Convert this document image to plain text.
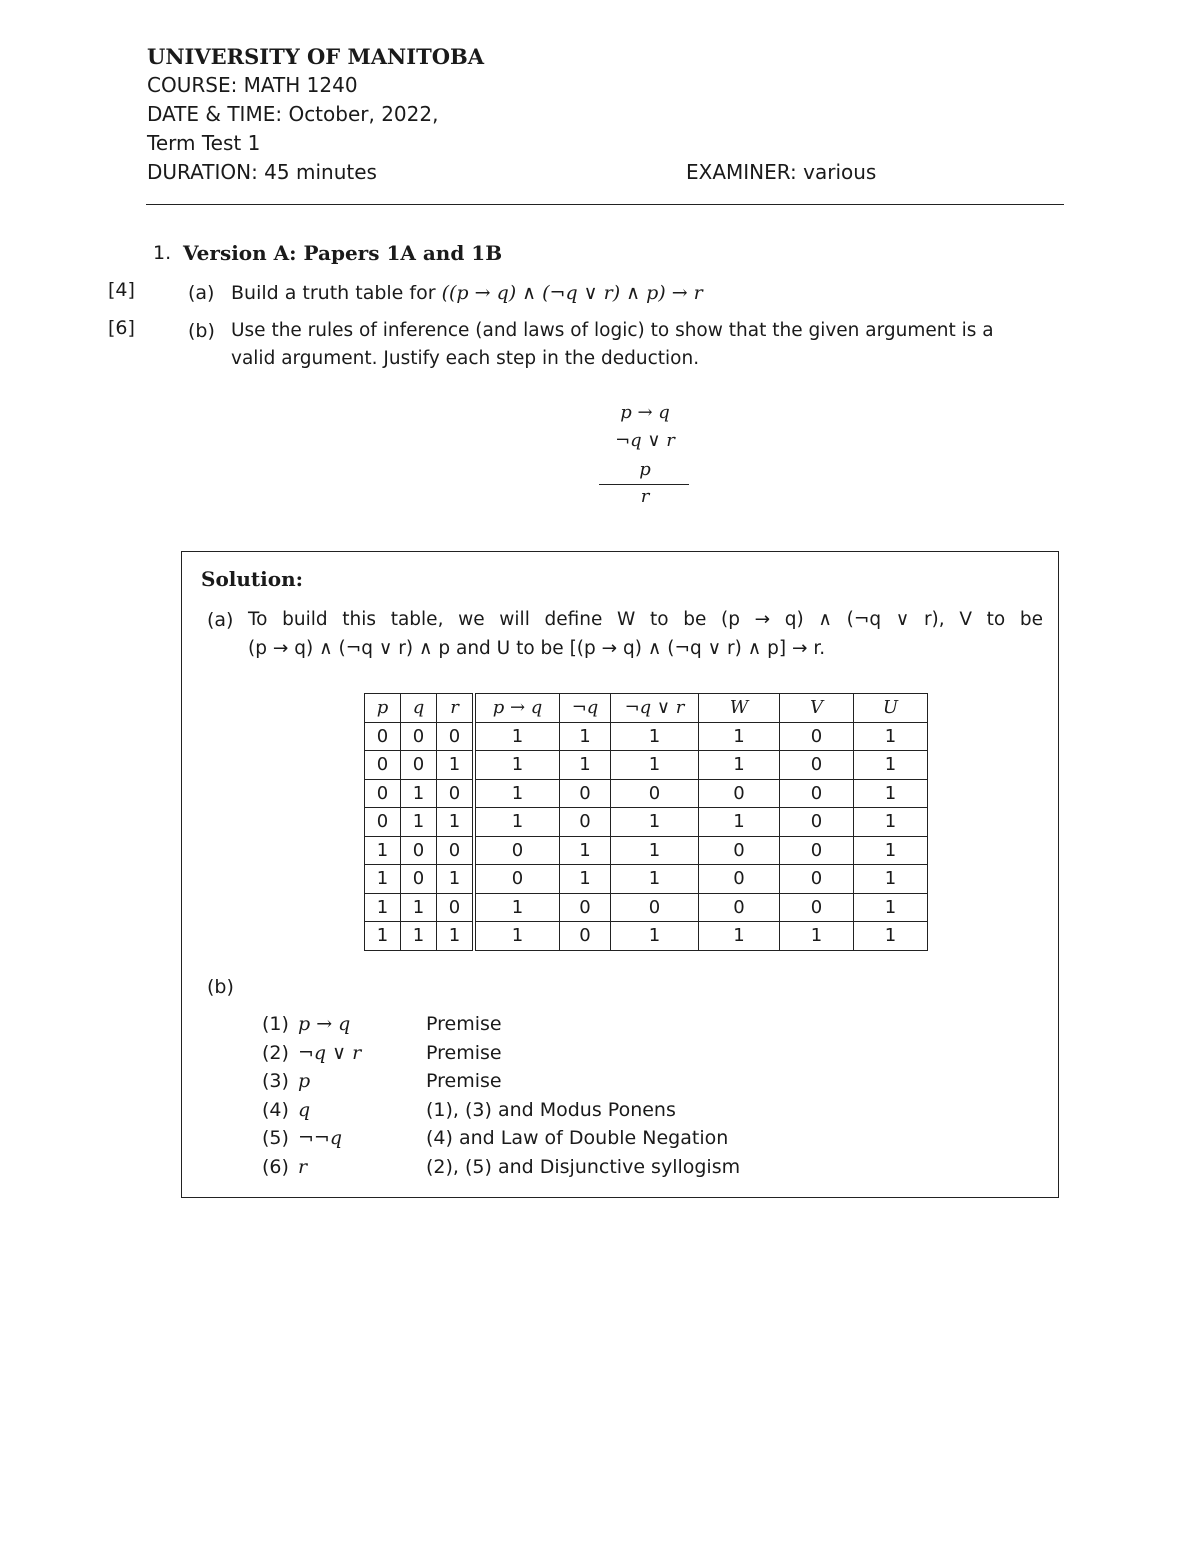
UNIVERSITY OF MANITOBA
COURSE: MATH 1240
DATE & TIME: October, 2022,
Term Test 1
DURATION: 45 minutes	EXAMINER: various
1. Version A: Papers 1A and 1B
[4]	(a) Build a truth table for ((p → q) ∧ (¬q ∨ r) ∧ p) → r
[6]	(b) Use the rules of inference (and laws of logic) to show that the given argument is a
valid argument. Justify each step in the deduction.
p → q
¬q ∨ r
p
r
Solution:
(a) To build this table, we will define W to be (p → q) ∧ (¬q ∨ r), V to be
(p → q) ∧ (¬q ∨ r) ∧ p and U to be [(p → q) ∧ (¬q ∨ r) ∧ p] → r.
p	q	r	p → q	¬q	¬q ∨ r	W	V	U
0	0	0	1	1	1	1	0	1
0	0	1	1	1	1	1	0	1
0	1	0	1	0	0	0	0	1
0	1	1	1	0	1	1	0	1
1	0	0	0	1	1	0	0	1
1	0	1	0	1	1	0	0	1
1	1	0	1	0	0	0	0	1
1	1	1	1	0	1	1	1	1
(b)
(1) p → q	Premise
(2) ¬q ∨ r	Premise
(3) p	Premise
(4) q	(1), (3) and Modus Ponens
(5) ¬¬q	(4) and Law of Double Negation
(6) r	(2), (5) and Disjunctive syllogism
